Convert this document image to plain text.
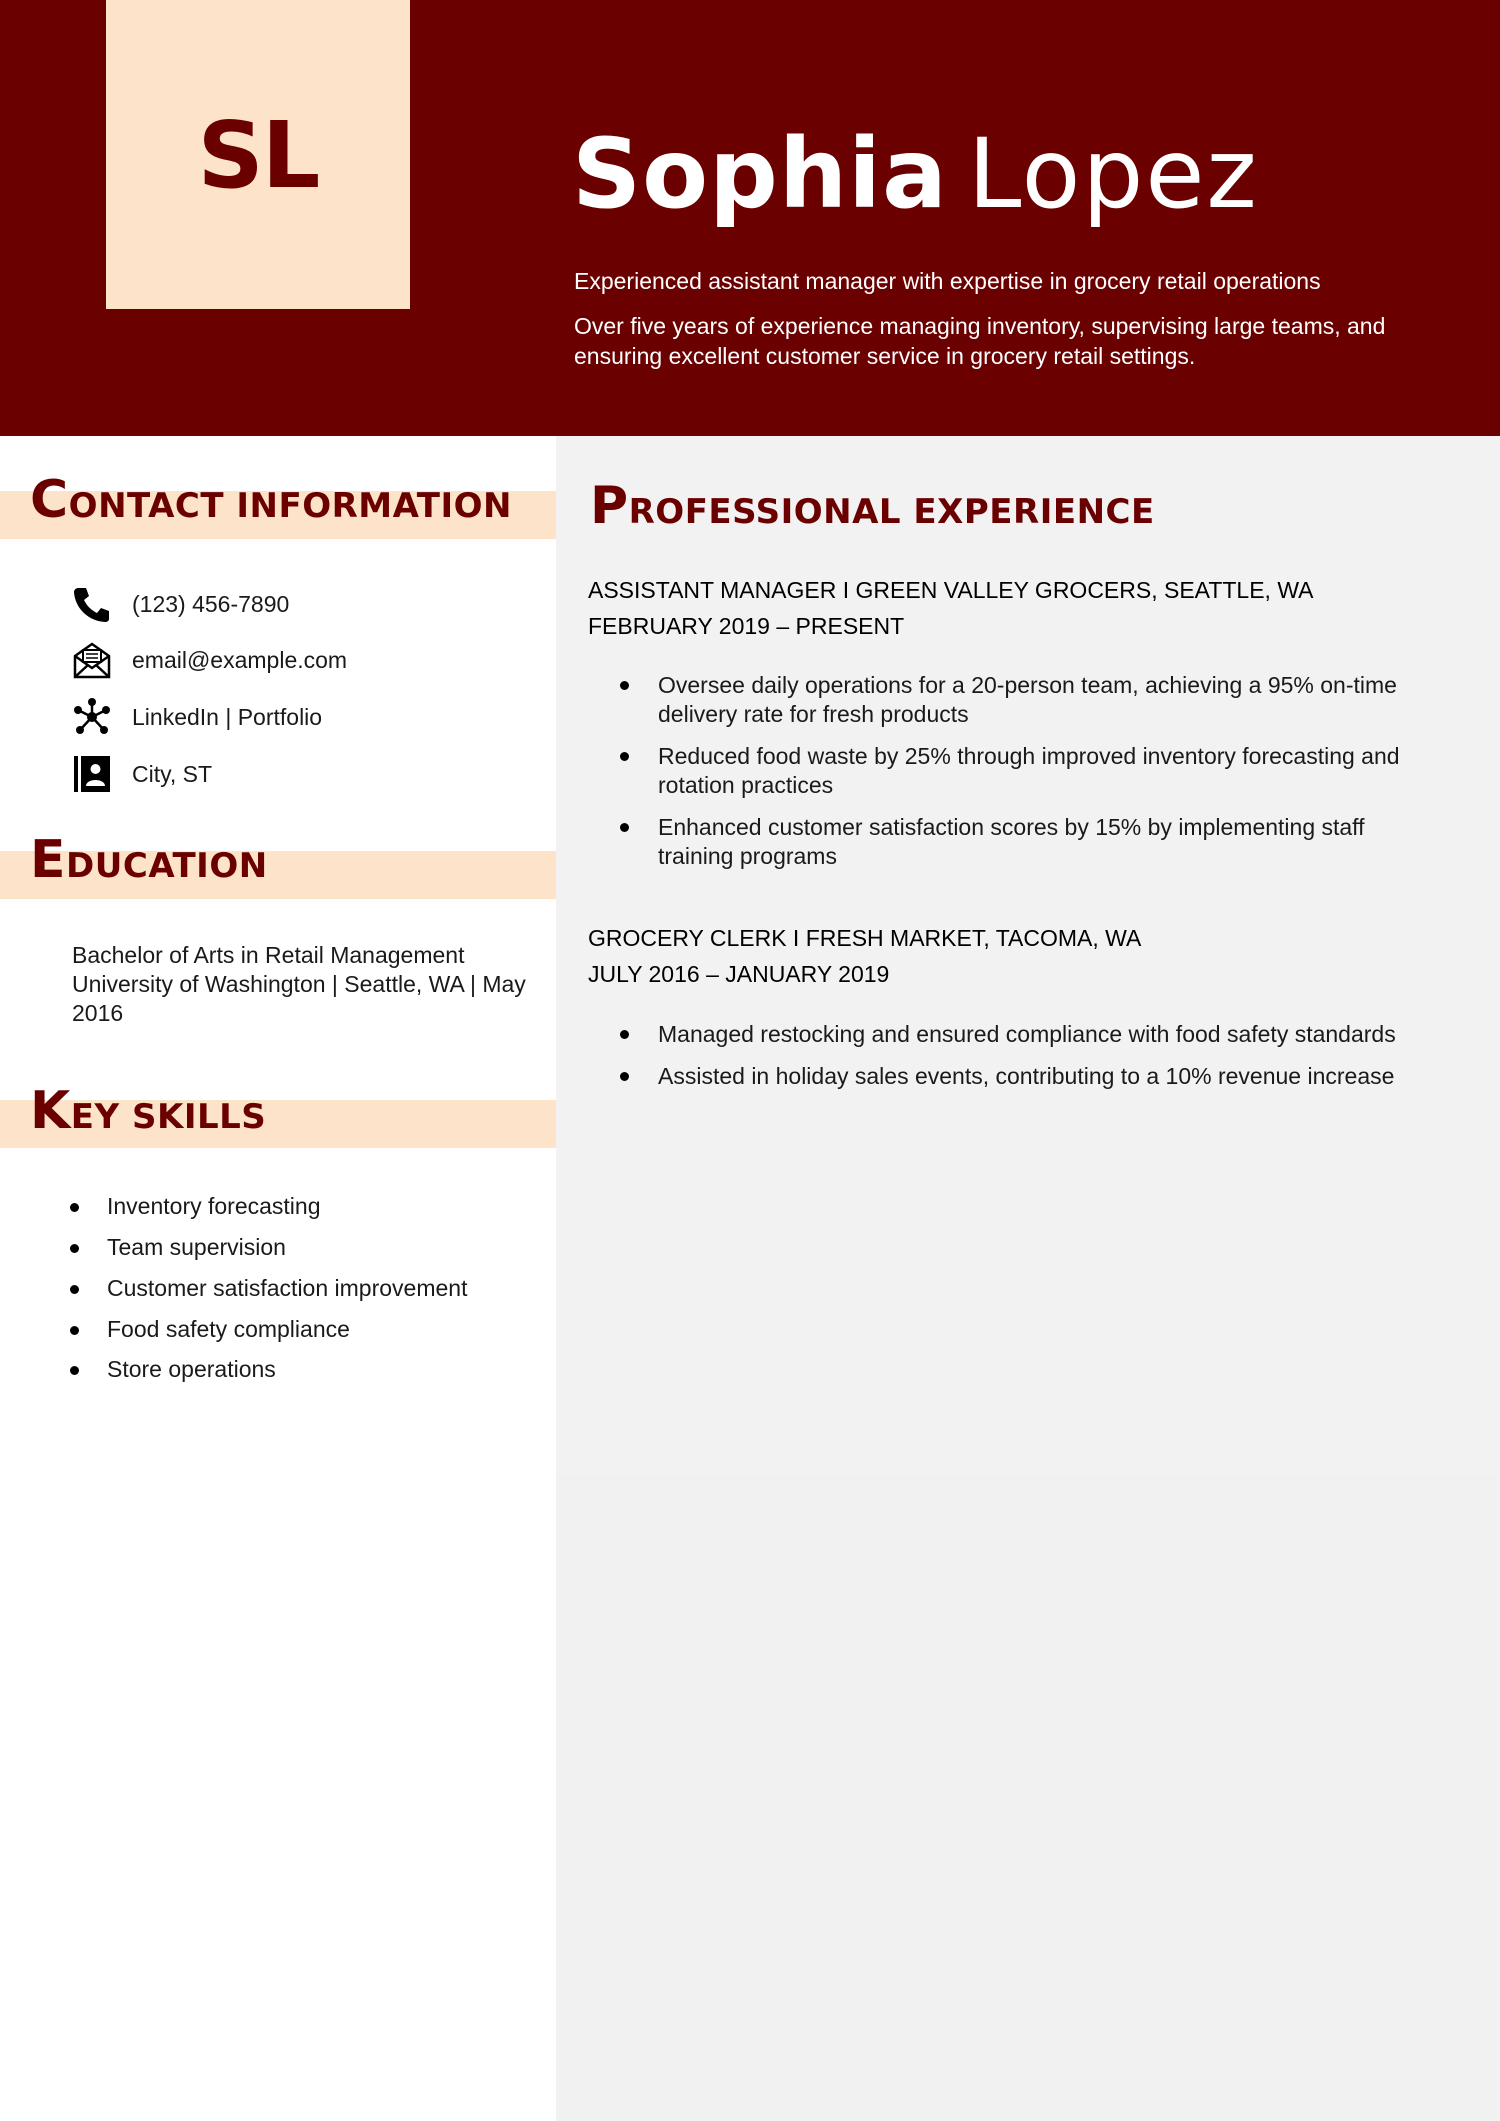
SL	Sophia Lopez
Experienced assistant manager with expertise in grocery retail operations
Over five years of experience managing inventory, supervising large teams, and ensuring excellent customer service in grocery retail settings.
CONTACT INFORMATION
(123) 456-7890
email@example.com
LinkedIn | Portfolio
City, ST
EDUCATION
Bachelor of Arts in Retail Management University of Washington | Seattle, WA | May 2016
KEY SKILLS
Inventory forecasting
Team supervision
Customer satisfaction improvement
Food safety compliance
Store operations
PROFESSIONAL EXPERIENCE
ASSISTANT MANAGER I GREEN VALLEY GROCERS, SEATTLE, WA
FEBRUARY 2019 – PRESENT
Oversee daily operations for a 20-person team, achieving a 95% on-time delivery rate for fresh products
Reduced food waste by 25% through improved inventory forecasting and rotation practices
Enhanced customer satisfaction scores by 15% by implementing staff training programs
GROCERY CLERK I FRESH MARKET, TACOMA, WA
JULY 2016 – JANUARY 2019
Managed restocking and ensured compliance with food safety standards
Assisted in holiday sales events, contributing to a 10% revenue increase
